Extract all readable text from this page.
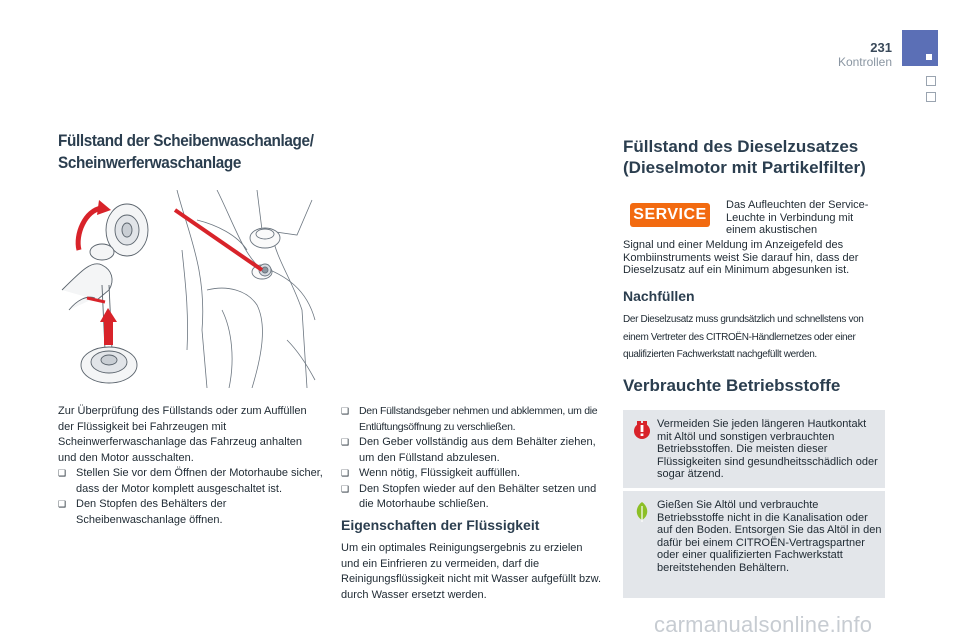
231
Kontrollen
Füllstand der Scheibenwaschanlage/
Scheinwerferwaschanlage

Zur Überprüfung des Füllstands oder zum Auffüllen der Flüssigkeit bei Fahrzeugen mit Scheinwerferwaschanlage das Fahrzeug anhalten und den Motor ausschalten.

❑ Stellen Sie vor dem Öffnen der Motorhaube sicher, dass der Motor komplett ausgeschaltet ist.
❑ Den Stopfen des Behälters der Scheibenwaschanlage öffnen.
❑ Den Füllstandsgeber nehmen und abklemmen, um die Entlüftungsöffnung zu verschließen.
❑ Den Geber vollständig aus dem Behälter ziehen, um den Füllstand abzulesen.
❑ Wenn nötig, Flüssigkeit auffüllen.
❑ Den Stopfen wieder auf den Behälter setzen und die Motorhaube schließen.
Eigenschaften der Flüssigkeit
Um ein optimales Reinigungsergebnis zu erzielen und ein Einfrieren zu vermeiden, darf die Reinigungsflüssigkeit nicht mit Wasser aufgefüllt bzw. durch Wasser ersetzt werden.
Füllstand des Dieselzusatzes
(Dieselmotor mit Partikelfilter)
SERVICE
Das Aufleuchten der Service-Leuchte in Verbindung mit einem akustischen
Signal und einer Meldung im Anzeigefeld des Kombiinstruments weist Sie darauf hin, dass der Dieselzusatz auf ein Minimum abgesunken ist.
Nachfüllen
Der Dieselzusatz muss grundsätzlich und schnellstens von einem Vertreter des CITROËN-Händlernetzes oder einer qualifizierten Fachwerkstatt nachgefüllt werden.
Verbrauchte Betriebsstoffe
Vermeiden Sie jeden längeren Hautkontakt mit Altöl und sonstigen verbrauchten Betriebsstoffen. Die meisten dieser Flüssigkeiten sind gesundheitsschädlich oder sogar ätzend.
Gießen Sie Altöl und verbrauchte Betriebsstoffe nicht in die Kanalisation oder auf den Boden. Entsorgen Sie das Altöl in den dafür bei einem CITROËN-Vertragspartner oder einer qualifizierten Fachwerkstatt bereitstehenden Behältern.
carmanualsonline.info
